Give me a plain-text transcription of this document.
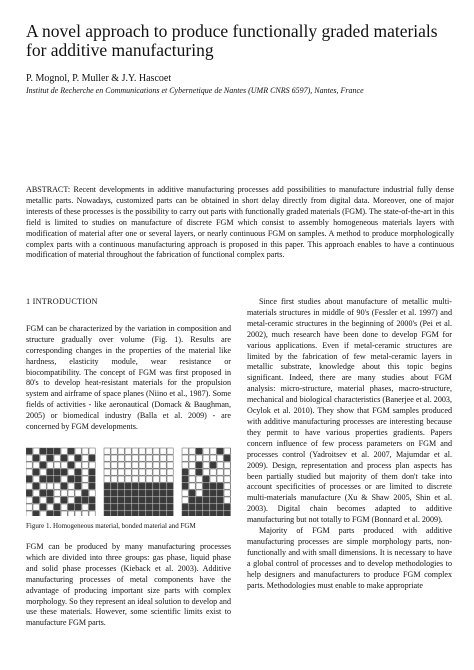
A novel approach to produce functionally graded materials for additive manufacturing
P. Mognol, P. Muller & J.Y. Hascoet
Institut de Recherche en Communications et Cybernetique de Nantes (UMR CNRS 6597), Nantes, France

ABSTRACT: Recent developments in additive manufacturing processes add possibilities to manufacture industrial fully dense metallic parts. Nowadays, customized parts can be obtained in short delay directly from digital data. Moreover, one of major interests of these processes is the possibility to carry out parts with functionally graded materials (FGM). The state-of-the-art in this field is limited to studies on manufacture of discrete FGM which consist to assembly homogeneous materials layers with modification of material after one or several layers, or nearly continuous FGM on samples. A method to produce morphologically complex parts with a continuous manufacturing approach is proposed in this paper. This approach enables to have a continuous modification of material throughout the fabrication of functional complex parts.

1 INTRODUCTION

FGM can be characterized by the variation in composition and structure gradually over volume (Fig. 1). Results are corresponding changes in the properties of the material like hardness, elasticity module, wear resistance or biocompatibility. The concept of FGM was first proposed in 80's to develop heat-resistant materials for the propulsion system and airframe of space planes (Niino et al., 1987). Some fields of activities - like aeronautical (Domack & Baughman, 2005) or biomedical industry (Balla et al. 2009) - are concerned by FGM developments.

Figure 1. Homogeneous material, bonded material and FGM

FGM can be produced by many manufacturing processes which are divided into three groups: gas phase, liquid phase and solid phase processes (Kieback et al. 2003). Additive manufacturing processes of metal components have the advantage of producing important size parts with complex morphology. So they represent an ideal solution to develop and use these materials. However, some scientific limits exist to manufacture FGM parts.

Since first studies about manufacture of metallic multi-materials structures in middle of 90's (Fessler et al. 1997) and metal-ceramic structures in the beginning of 2000's (Pei et al. 2002), much research have been done to develop FGM for various applications. Even if metal-ceramic structures are limited by the fabrication of few metal-ceramic layers in metallic substrate, knowledge about this topic begins significant. Indeed, there are many studies about FGM analysis: micro-structure, material phases, macro-structure, mechanical and biological characteristics (Banerjee et al. 2003, Ocylok et al. 2010). They show that FGM samples produced with additive manufacturing processes are interesting because they permit to have various properties gradients. Papers concern influence of few process parameters on FGM and processes control (Yadroitsev et al. 2007, Majumdar et al. 2009). Design, representation and process plan aspects has been partially studied but majority of them don't take into account specificities of processes or are limited to discrete multi-materials manufacture (Xu & Shaw 2005, Shin et al. 2003). Digital chain becomes adapted to additive manufacturing but not totally to FGM (Bonnard et al. 2009).

Majority of FGM parts produced with additive manufacturing processes are simple morphology parts, non-functionally and with small dimensions. It is necessary to have a global control of processes and to develop methodologies to help designers and manufacturers to produce FGM complex parts. Methodologies must enable to make appropriate
